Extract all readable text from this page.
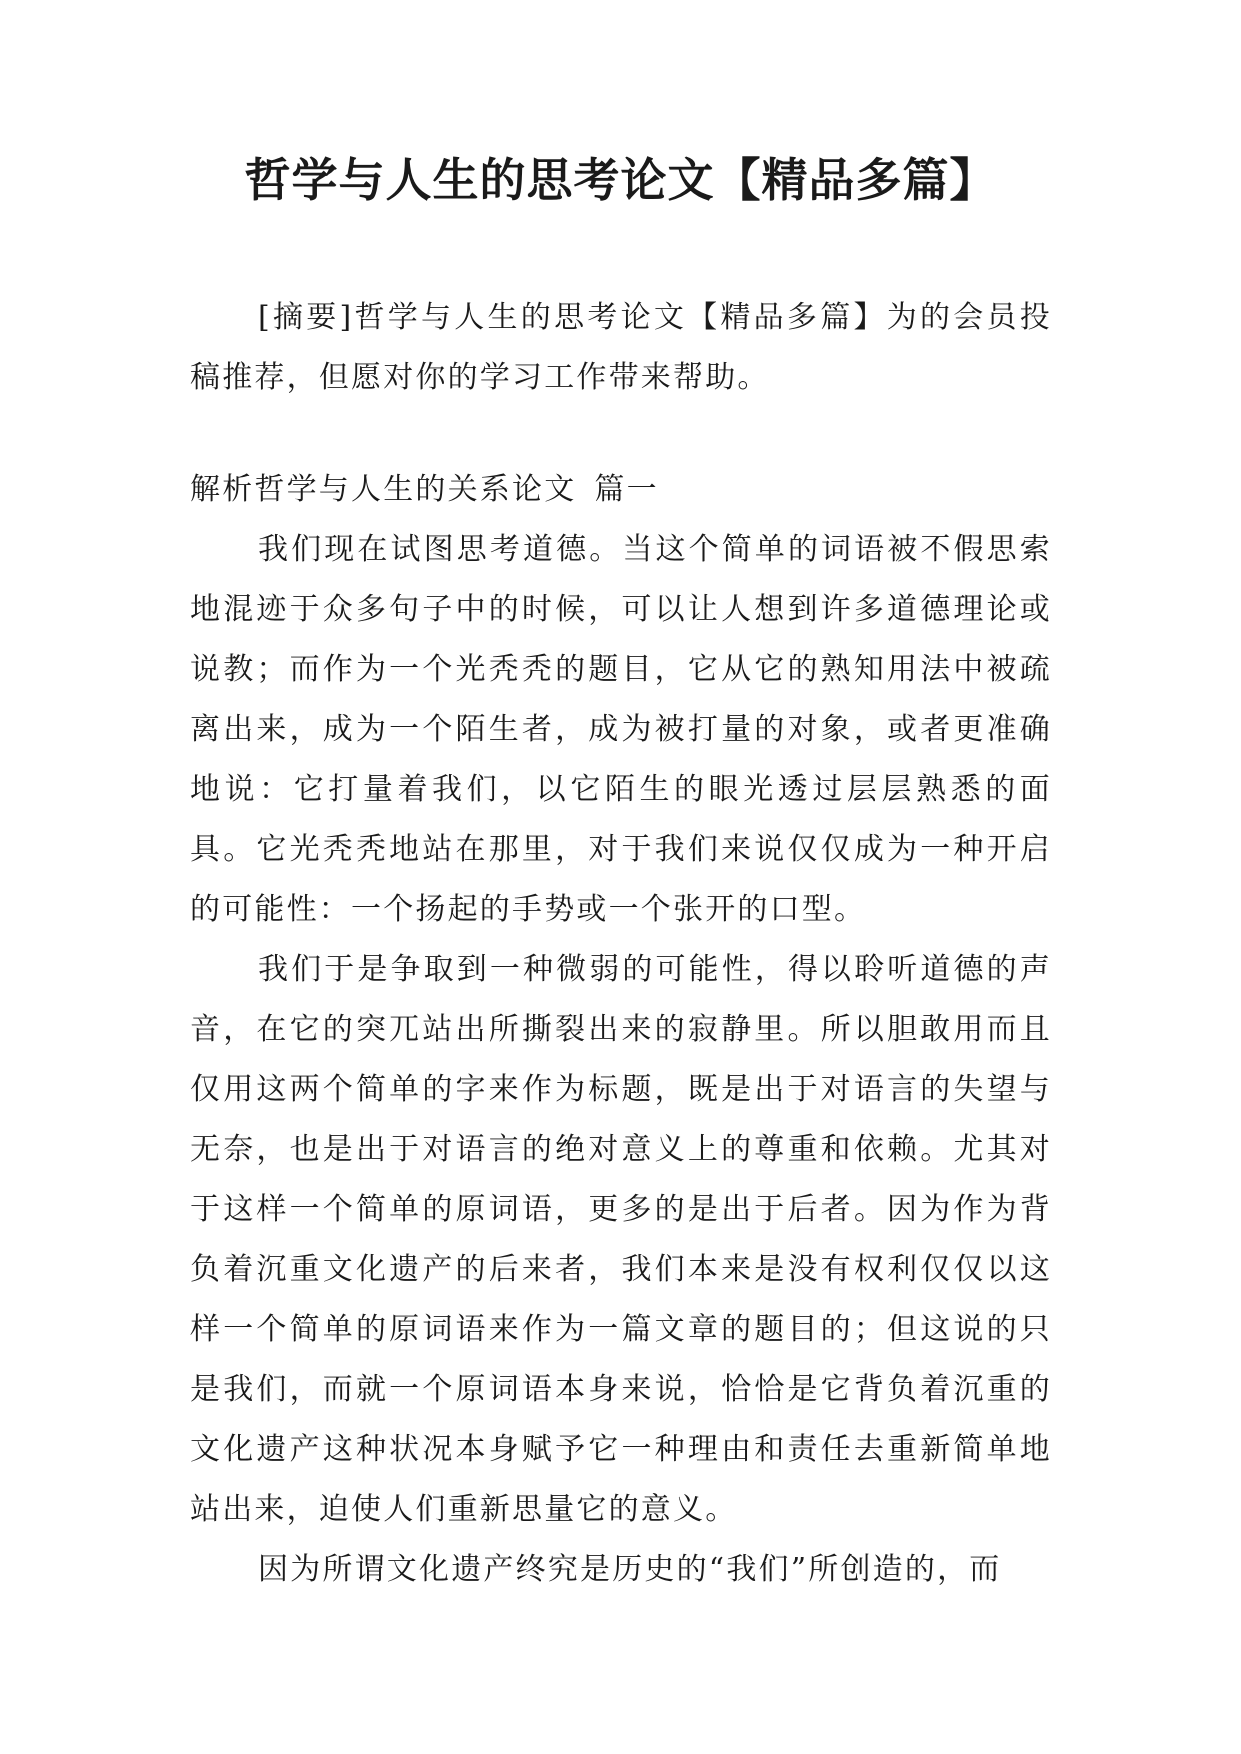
哲学与人生的思考论文【精品多篇】

[摘要]哲学与人生的思考论文【精品多篇】为的会员投稿推荐，但愿对你的学习工作带来帮助。

解析哲学与人生的关系论文 篇一

我们现在试图思考道德。当这个简单的词语被不假思索地混迹于众多句子中的时候，可以让人想到许多道德理论或说教；而作为一个光秃秃的题目，它从它的熟知用法中被疏离出来，成为一个陌生者，成为被打量的对象，或者更准确地说：它打量着我们，以它陌生的眼光透过层层熟悉的面具。它光秃秃地站在那里，对于我们来说仅仅成为一种开启的可能性：一个扬起的手势或一个张开的口型。

我们于是争取到一种微弱的可能性，得以聆听道德的声音，在它的突兀站出所撕裂出来的寂静里。所以胆敢用而且仅用这两个简单的字来作为标题，既是出于对语言的失望与无奈，也是出于对语言的绝对意义上的尊重和依赖。尤其对于这样一个简单的原词语，更多的是出于后者。因为作为背负着沉重文化遗产的后来者，我们本来是没有权利仅仅以这样一个简单的原词语来作为一篇文章的题目的；但这说的只是我们，而就一个原词语本身来说，恰恰是它背负着沉重的文化遗产这种状况本身赋予它一种理由和责任去重新简单地站出来，迫使人们重新思量它的意义。

因为所谓文化遗产终究是历史的“我们”所创造的，而
